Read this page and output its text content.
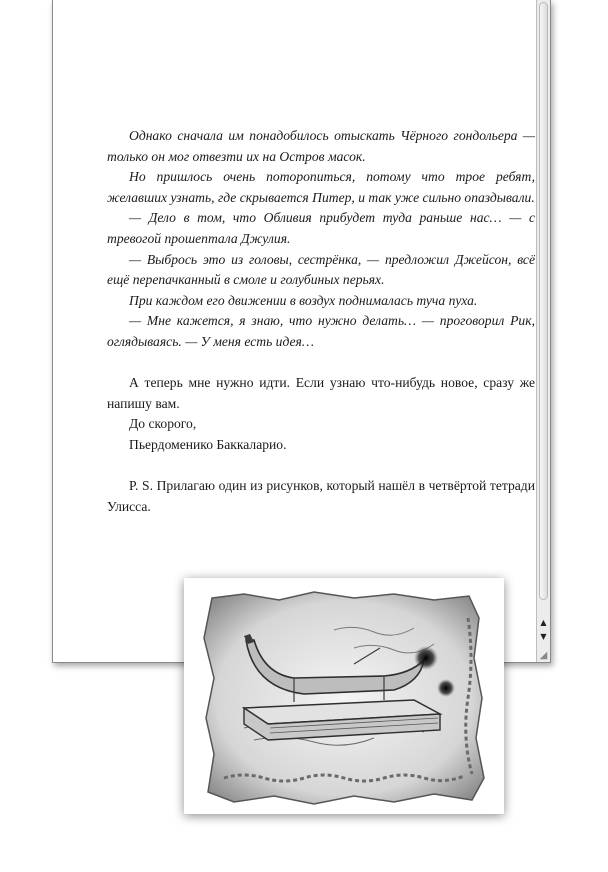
Однако сначала им понадобилось отыскать Чёрного гондольера — только он мог отвезти их на Остров масок.

Но пришлось очень поторопиться, потому что трое ребят, желавших узнать, где скрывается Питер, и так уже сильно опаздывали.

— Дело в том, что Обливия прибудет туда раньше нас… — с тревогой прошептала Джулия.

— Выбрось это из головы, сестрёнка, — предложил Джейсон, всё ещё перепачканный в смоле и голубиных перьях.

При каждом его движении в воздух поднималась туча пуха.

— Мне кажется, я знаю, что нужно делать… — проговорил Рик, оглядываясь. — У меня есть идея…

А теперь мне нужно идти. Если узнаю что-нибудь новое, сразу же напишу вам.

До скорого,

Пьердоменико Баккаларио.

P. S. Прилагаю один из рисунков, который нашёл в четвёртой тетради Улисса.

▲
▼
◢
